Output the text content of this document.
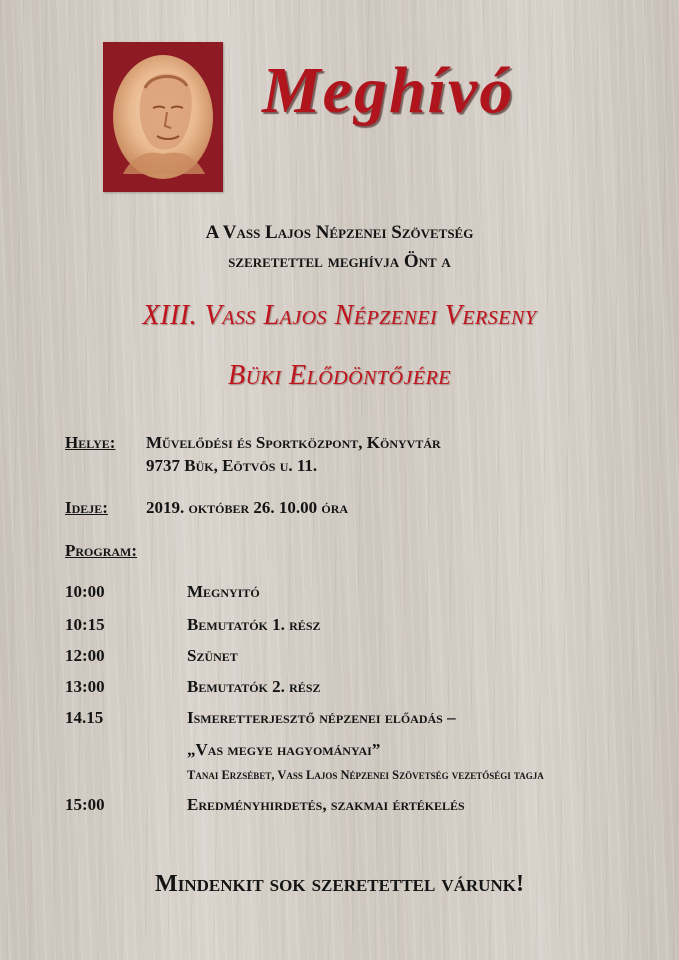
Meghívó
A Vass Lajos Népzenei Szövetség
szeretettel meghívja Önt a
XIII. Vass Lajos Népzenei Verseny
Büki Elődöntőjére
Helye: Művelődési és Sportközpont, Könyvtár
9737 Bük, Eötvös u. 11.
Ideje: 2019. október 26. 10.00 óra
Program:
10:00	Megnyitó
10:15	Bemutatók 1. rész
12:00	Szünet
13:00	Bemutatók 2. rész
14.15	Ismeretterjesztő népzenei előadás –
„Vas megye hagyományai”
Tanai Erzsébet, Vass Lajos Népzenei Szövetség vezetőségi tagja
15:00	Eredményhirdetés, szakmai értékelés
Mindenkit sok szeretettel várunk!
